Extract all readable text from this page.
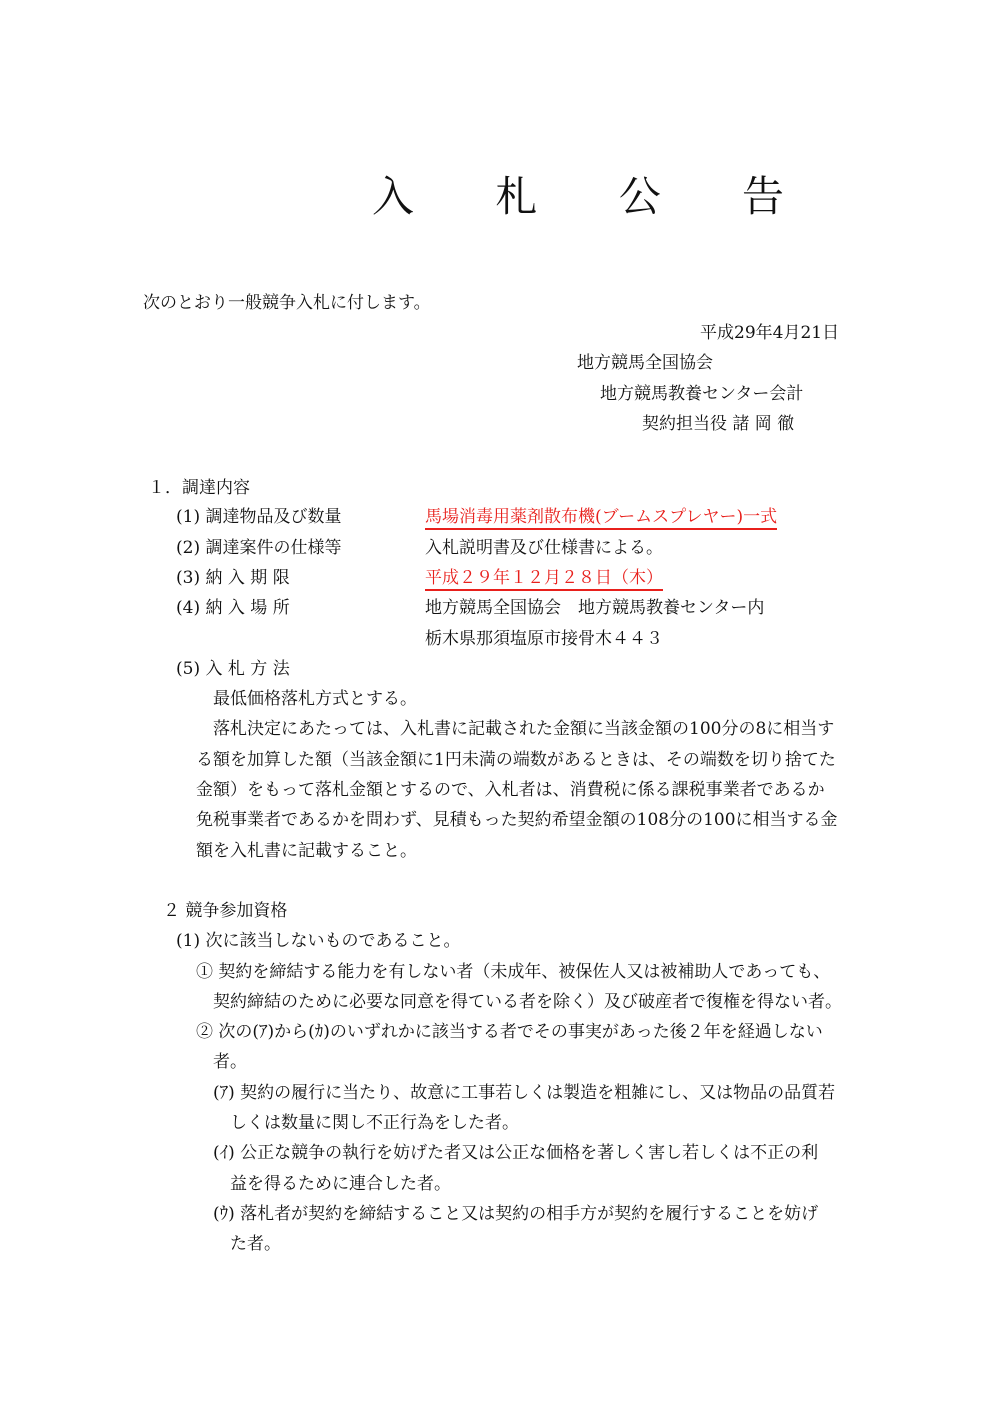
入 札 公 告
次のとおり一般競争入札に付します。
平成29年4月21日
地方競馬全国協会
地方競馬教養センター会計
契約担当役 諸 岡 徹
１．調達内容
(1) 調達物品及び数量	馬場消毒用薬剤散布機(ブームスプレヤー)一式
(2) 調達案件の仕様等	入札説明書及び仕様書による。
(3) 納 入 期 限	平成２９年１２月２８日（木）
(4) 納 入 場 所	地方競馬全国協会　地方競馬教養センター内
栃木県那須塩原市接骨木４４３
(5) 入 札 方 法
最低価格落札方式とする。
落札決定にあたっては、入札書に記載された金額に当該金額の100分の8に相当す
る額を加算した額（当該金額に1円未満の端数があるときは、その端数を切り捨てた
金額）をもって落札金額とするので、入札者は、消費税に係る課税事業者であるか
免税事業者であるかを問わず、見積もった契約希望金額の108分の100に相当する金
額を入札書に記載すること。
２ 競争参加資格
(1) 次に該当しないものであること。
① 契約を締結する能力を有しない者（未成年、被保佐人又は被補助人であっても、
契約締結のために必要な同意を得ている者を除く）及び破産者で復権を得ない者。
② 次の(ｱ)から(ｶ)のいずれかに該当する者でその事実があった後２年を経過しない
者。
(ｱ) 契約の履行に当たり、故意に工事若しくは製造を粗雑にし、又は物品の品質若
しくは数量に関し不正行為をした者。
(ｲ) 公正な競争の執行を妨げた者又は公正な価格を著しく害し若しくは不正の利
益を得るために連合した者。
(ｳ) 落札者が契約を締結すること又は契約の相手方が契約を履行することを妨げ
た者。
